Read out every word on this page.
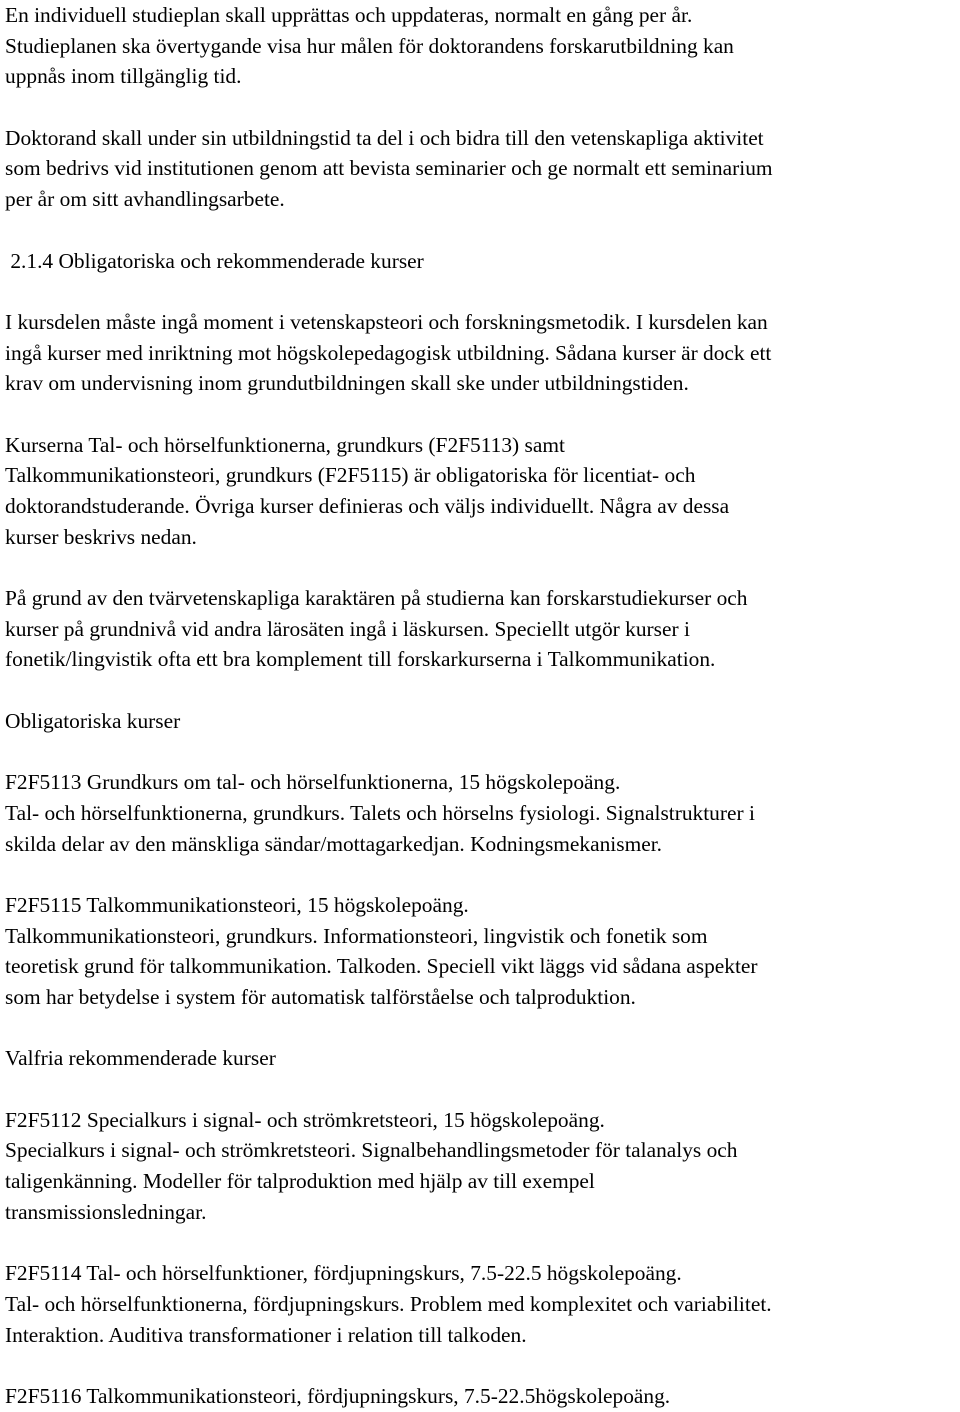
En individuell studieplan skall upprättas och uppdateras, normalt en gång per år.
Studieplanen ska övertygande visa hur målen för doktorandens forskarutbildning kan
uppnås inom tillgänglig tid.

Doktorand skall under sin utbildningstid ta del i och bidra till den vetenskapliga aktivitet
som bedrivs vid institutionen genom att bevista seminarier och ge normalt ett seminarium
per år om sitt avhandlingsarbete.

2.1.4 Obligatoriska och rekommenderade kurser

I kursdelen måste ingå moment i vetenskapsteori och forskningsmetodik. I kursdelen kan
ingå kurser med inriktning mot högskolepedagogisk utbildning. Sådana kurser är dock ett
krav om undervisning inom grundutbildningen skall ske under utbildningstiden.

Kurserna Tal- och hörselfunktionerna, grundkurs (F2F5113) samt
Talkommunikationsteori, grundkurs (F2F5115) är obligatoriska för licentiat- och
doktorandstuderande. Övriga kurser definieras och väljs individuellt. Några av dessa
kurser beskrivs nedan.

På grund av den tvärvetenskapliga karaktären på studierna kan forskarstudiekurser och
kurser på grundnivå vid andra lärosäten ingå i läskursen. Speciellt utgör kurser i
fonetik/lingvistik ofta ett bra komplement till forskarkurserna i Talkommunikation.

Obligatoriska kurser

F2F5113 Grundkurs om tal- och hörselfunktionerna, 15 högskolepoäng.
Tal- och hörselfunktionerna, grundkurs. Talets och hörselns fysiologi. Signalstrukturer i
skilda delar av den mänskliga sändar/mottagarkedjan. Kodningsmekanismer.

F2F5115 Talkommunikationsteori, 15 högskolepoäng.
Talkommunikationsteori, grundkurs. Informationsteori, lingvistik och fonetik som
teoretisk grund för talkommunikation. Talkoden. Speciell vikt läggs vid sådana aspekter
som har betydelse i system för automatisk talförståelse och talproduktion.

Valfria rekommenderade kurser

F2F5112 Specialkurs i signal- och strömkretsteori, 15 högskolepoäng.
Specialkurs i signal- och strömkretsteori. Signalbehandlingsmetoder för talanalys och
taligenkänning. Modeller för talproduktion med hjälp av till exempel
transmissionsledningar.

F2F5114 Tal- och hörselfunktioner, fördjupningskurs, 7.5-22.5 högskolepoäng.
Tal- och hörselfunktionerna, fördjupningskurs. Problem med komplexitet och variabilitet.
Interaktion. Auditiva transformationer i relation till talkoden.

F2F5116 Talkommunikationsteori, fördjupningskurs, 7.5-22.5högskolepoäng.
